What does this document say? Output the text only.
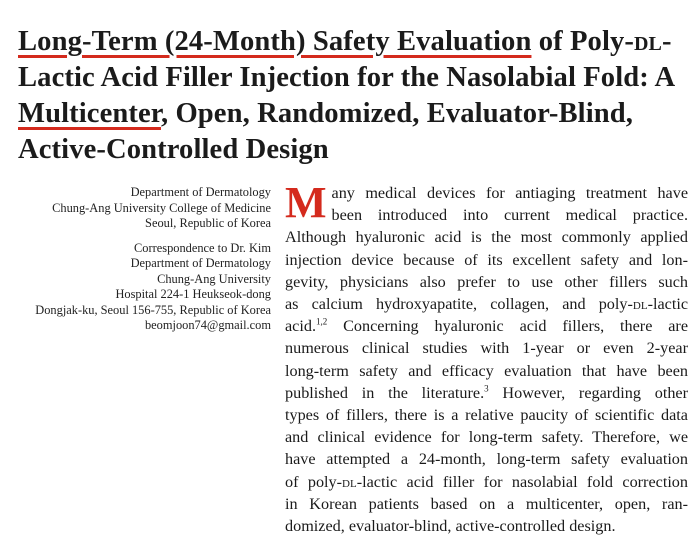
Long-Term (24-Month) Safety Evaluation of Poly-dl-Lactic Acid Filler Injection for the Nasolabial Fold: A Multicenter, Open, Randomized, Evaluator-Blind, Active-Controlled Design
Department of Dermatology
Chung-Ang University College of Medicine
Seoul, Republic of Korea
Correspondence to Dr. Kim
Department of Dermatology
Chung-Ang University
Hospital 224-1 Heukseok-dong
Dongjak-ku, Seoul 156-755, Republic of Korea
beomjoon74@gmail.com
M any medical devices for antiaging treatment have
been introduced into current medical practice.
Although hyaluronic acid is the most commonly applied
injection device because of its excellent safety and lon-
gevity, physicians also prefer to use other fillers such
as calcium hydroxyapatite, collagen, and poly-dl-lactic
acid.$^{1,2}$ Concerning hyaluronic acid fillers, there are
numerous clinical studies with 1-year or even 2-year
long-term safety and efficacy evaluation that have been
published in the literature.$^3$ However, regarding other
types of fillers, there is a relative paucity of scientific data
and clinical evidence for long-term safety. Therefore, we
have attempted a 24-month, long-term safety evaluation
of poly-dl-lactic acid filler for nasolabial fold correction
in Korean patients based on a multicenter, open, ran-
domized, evaluator-blind, active-controlled design.
